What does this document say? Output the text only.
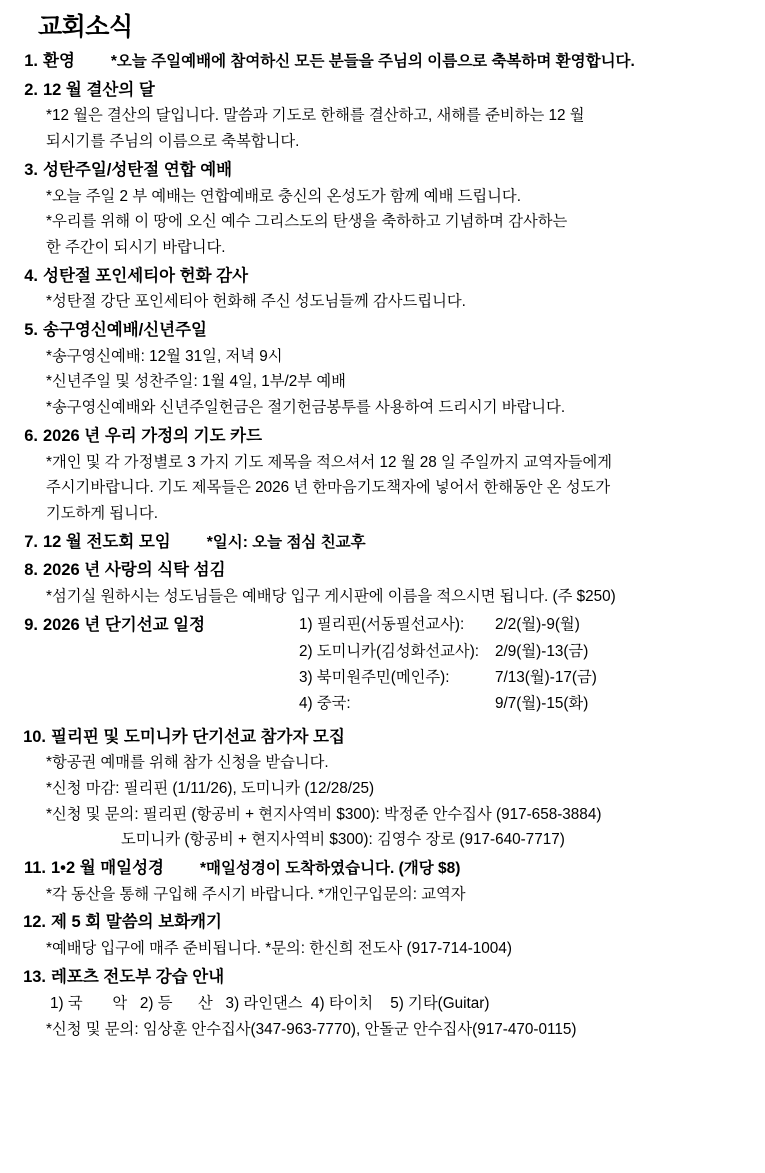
교회소식
1. 환영 *오늘 주일예배에 참여하신 모든 분들을 주님의 이름으로 축복하며 환영합니다.
2. 12 월 결산의 달
*12 월은 결산의 달입니다. 말씀과 기도로 한해를 결산하고, 새해를 준비하는 12 월
되시기를 주님의 이름으로 축복합니다.
3. 성탄주일/성탄절 연합 예배
*오늘 주일 2 부 예배는 연합예배로 충신의 온성도가 함께 예배 드립니다.
*우리를 위해 이 땅에 오신 예수 그리스도의 탄생을 축하하고 기념하며 감사하는
한 주간이 되시기 바랍니다.
4. 성탄절 포인세티아 헌화 감사
*성탄절 강단 포인세티아 헌화해 주신 성도님들께 감사드립니다.
5. 송구영신예배/신년주일
*송구영신예배: 12월 31일, 저녁 9시
*신년주일 및 성찬주일: 1월 4일, 1부/2부 예배
*송구영신예배와 신년주일헌금은 절기헌금봉투를 사용하여 드리시기 바랍니다.
6. 2026 년 우리 가정의 기도 카드
*개인 및 각 가정별로 3 가지 기도 제목을 적으셔서 12 월 28 일 주일까지 교역자들에게
주시기바랍니다. 기도 제목들은 2026 년 한마음기도책자에 넣어서 한해동안 온 성도가
기도하게 됩니다.
7. 12 월 전도회 모임 *일시: 오늘 점심 친교후
8. 2026 년 사랑의 식탁 섬김
*섬기실 원하시는 성도님들은 예배당 입구 게시판에 이름을 적으시면 됩니다. (주 $250)
9. 2026 년 단기선교 일정	1) 필리핀(서동필선교사):	2/2(월)-9(월)
2) 도미니카(김성화선교사):	2/9(월)-13(금)
3) 북미원주민(메인주):	7/13(월)-17(금)
4) 중국:	9/7(월)-15(화)
10. 필리핀 및 도미니카 단기선교 참가자 모집
*항공권 예매를 위해 참가 신청을 받습니다.
*신청 마감: 필리핀 (1/11/26), 도미니카 (12/28/25)
*신청 및 문의: 필리핀 (항공비 + 현지사역비 $300): 박정준 안수집사 (917-658-3884)
도미니카 (항공비 + 현지사역비 $300): 김영수 장로 (917-640-7717)
11. 1•2 월 매일성경 *매일성경이 도착하였습니다. (개당 $8)
*각 동산을 통해 구입해 주시기 바랍니다. *개인구입문의: 교역자
12. 제 5 회 말씀의 보화캐기
*예배당 입구에 매주 준비됩니다. *문의: 한신희 전도사 (917-714-1004)
13. 레포츠 전도부 강습 안내
1) 국       악   2) 등      산   3) 라인댄스  4) 타이치    5) 기타(Guitar)
*신청 및 문의: 임상훈 안수집사(347-963-7770), 안돌군 안수집사(917-470-0115)
